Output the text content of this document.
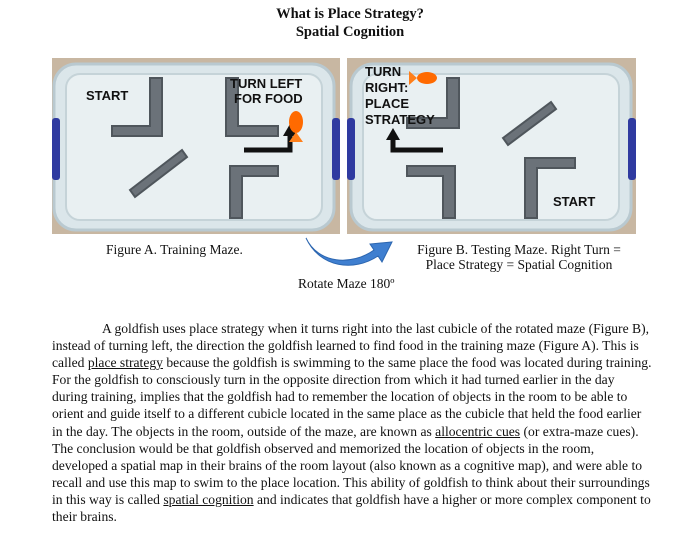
What is Place Strategy?
Spatial Cognition
START
TURN LEFT
FOR FOOD
TURN
RIGHT:
PLACE
STRATEGY
START
Figure A. Training Maze.	Figure B. Testing Maze. Right Turn =
Place Strategy = Spatial Cognition
Rotate Maze 180º

A goldfish uses place strategy when it turns right into the last cubicle of the rotated maze (Figure B), instead of turning left, the direction the goldfish learned to find food in the training maze (Figure A). This is called place strategy because the goldfish is swimming to the same place the food was located during training. For the goldfish to consciously turn in the opposite direction from which it had turned earlier in the day during training, implies that the goldfish had to remember the location of objects in the room to be able to orient and guide itself to a different cubicle located in the same place as the cubicle that held the food earlier in the day. The objects in the room, outside of the maze, are known as allocentric cues (or extra-maze cues). The conclusion would be that goldfish observed and memorized the location of objects in the room, developed a spatial map in their brains of the room layout (also known as a cognitive map), and were able to recall and use this map to swim to the place location. This ability of goldfish to think about their surroundings in this way is called spatial cognition and indicates that goldfish have a higher or more complex component to their brains.
